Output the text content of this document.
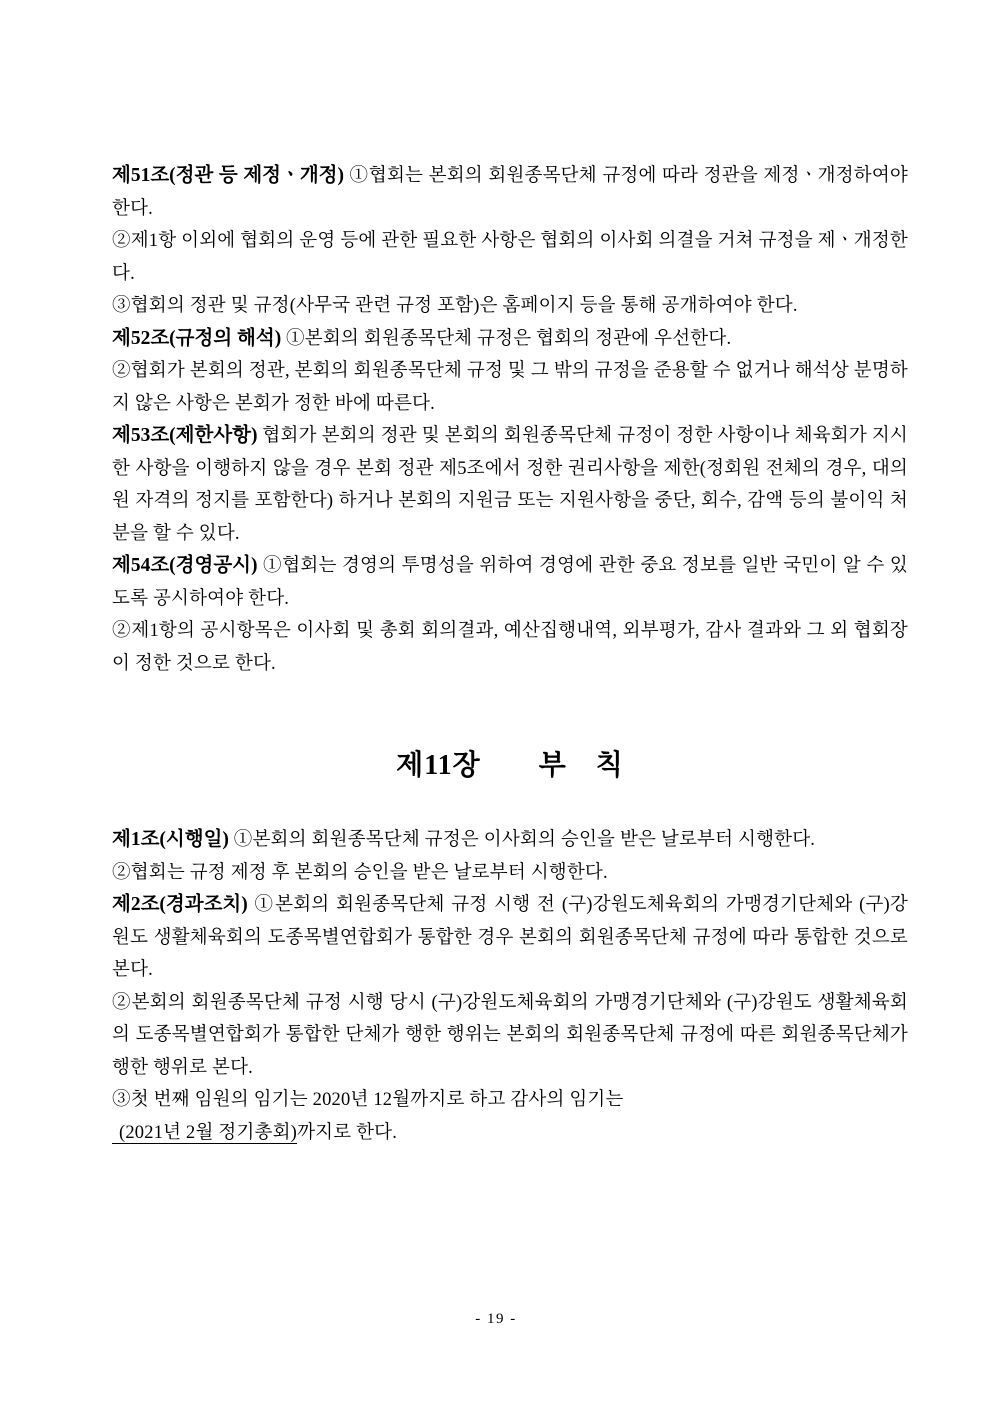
제51조(정관 등 제정ㆍ개정) ①협회는 본회의 회원종목단체 규정에 따라 정관을 제정ㆍ개정하여야 한다.

②제1항 이외에 협회의 운영 등에 관한 필요한 사항은 협회의 이사회 의결을 거쳐 규정을 제ㆍ개정한다.

③협회의 정관 및 규정(사무국 관련 규정 포함)은 홈페이지 등을 통해 공개하여야 한다.

제52조(규정의 해석) ①본회의 회원종목단체 규정은 협회의 정관에 우선한다.

②협회가 본회의 정관, 본회의 회원종목단체 규정 및 그 밖의 규정을 준용할 수 없거나 해석상 분명하지 않은 사항은 본회가 정한 바에 따른다.

제53조(제한사항) 협회가 본회의 정관 및 본회의 회원종목단체 규정이 정한 사항이나 체육회가 지시한 사항을 이행하지 않을 경우 본회 정관 제5조에서 정한 권리사항을 제한(정회원 전체의 경우, 대의원 자격의 정지를 포함한다) 하거나 본회의 지원금 또는 지원사항을 중단, 회수, 감액 등의 불이익 처분을 할 수 있다.

제54조(경영공시) ①협회는 경영의 투명성을 위하여 경영에 관한 중요 정보를 일반 국민이 알 수 있도록 공시하여야 한다.

②제1항의 공시항목은 이사회 및 총회 회의결과, 예산집행내역, 외부평가, 감사 결과와 그 외 협회장이 정한 것으로 한다.

제11장　　부　칙

제1조(시행일) ①본회의 회원종목단체 규정은 이사회의 승인을 받은 날로부터 시행한다.

②협회는 규정 제정 후 본회의 승인을 받은 날로부터 시행한다.

제2조(경과조치) ①본회의 회원종목단체 규정 시행 전 (구)강원도체육회의 가맹경기단체와 (구)강원도 생활체육회의 도종목별연합회가 통합한 경우 본회의 회원종목단체 규정에 따라 통합한 것으로 본다.

②본회의 회원종목단체 규정 시행 당시 (구)강원도체육회의 가맹경기단체와 (구)강원도 생활체육회의 도종목별연합회가 통합한 단체가 행한 행위는 본회의 회원종목단체 규정에 따른 회원종목단체가 행한 행위로 본다.

③첫 번째 임원의 임기는 2020년 12월까지로 하고 감사의 임기는
(2021년 2월 정기총회)까지로 한다.

- 19 -
